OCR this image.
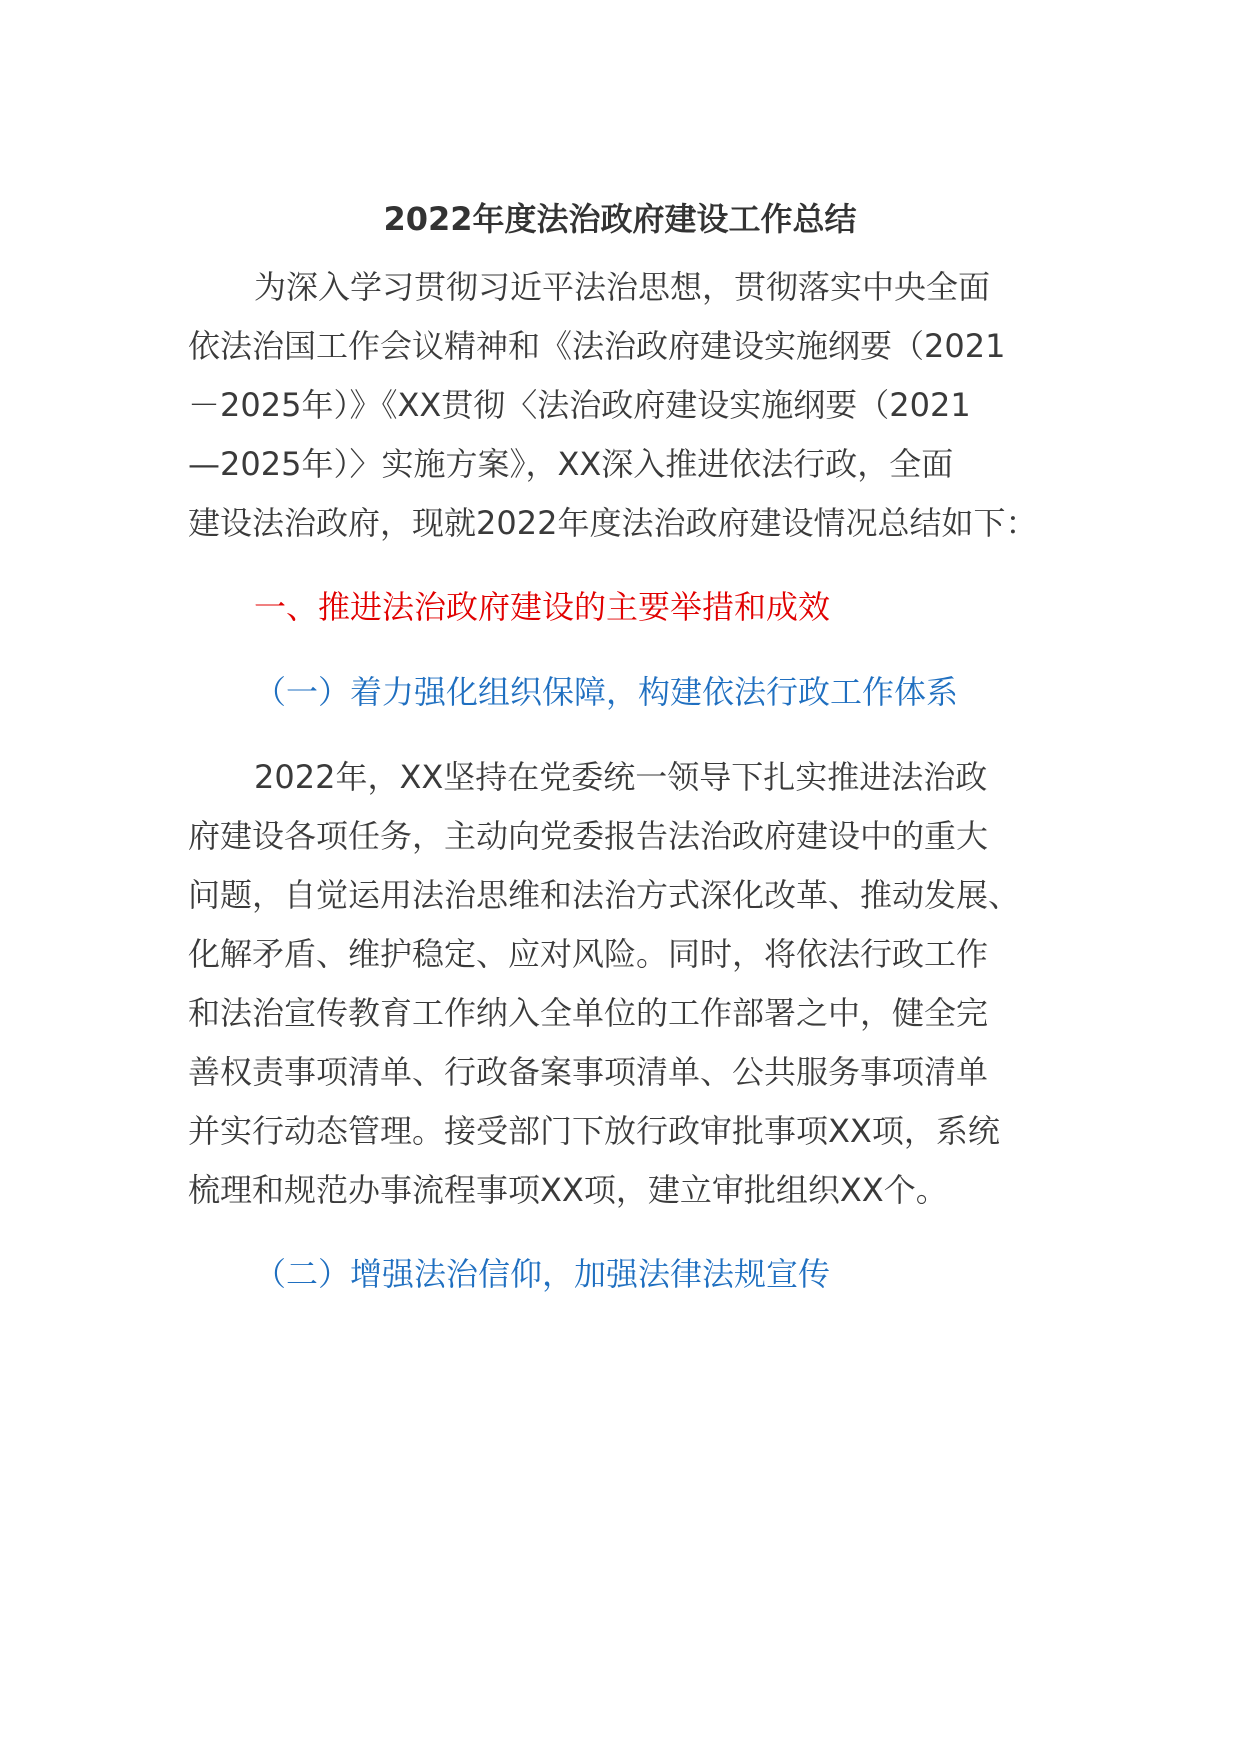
2022年度法治政府建设工作总结
为深入学习贯彻习近平法治思想，贯彻落实中央全面
依法治国工作会议精神和《法治政府建设实施纲要（2021
－2025年）》《XX贯彻〈法治政府建设实施纲要（2021
—2025年）〉实施方案》，XX深入推进依法行政，全面
建设法治政府，现就2022年度法治政府建设情况总结如下：
一、推进法治政府建设的主要举措和成效
（一）着力强化组织保障，构建依法行政工作体系
2022年，XX坚持在党委统一领导下扎实推进法治政
府建设各项任务，主动向党委报告法治政府建设中的重大
问题，自觉运用法治思维和法治方式深化改革、推动发展、
化解矛盾、维护稳定、应对风险。同时，将依法行政工作
和法治宣传教育工作纳入全单位的工作部署之中，健全完
善权责事项清单、行政备案事项清单、公共服务事项清单
并实行动态管理。接受部门下放行政审批事项XX项，系统
梳理和规范办事流程事项XX项，建立审批组织XX个。
（二）增强法治信仰，加强法律法规宣传
